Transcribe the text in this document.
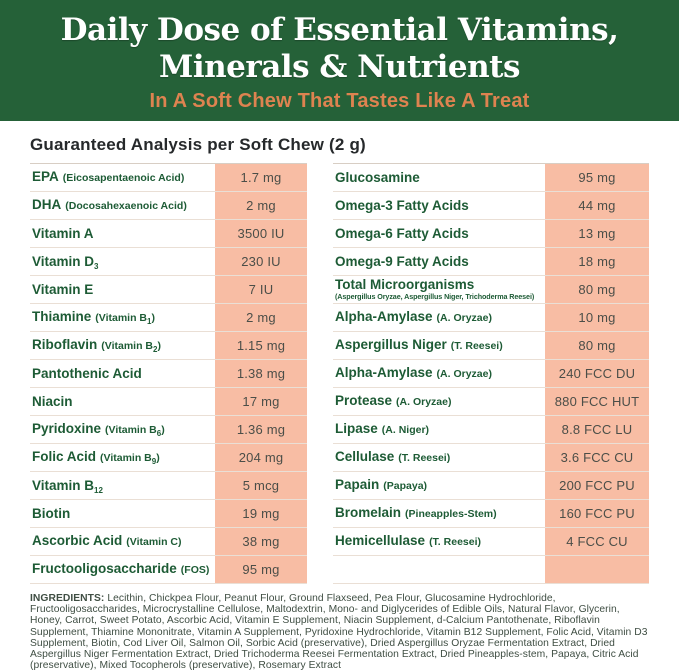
Daily Dose of Essential Vitamins,
Minerals & Nutrients
In A Soft Chew That Tastes Like A Treat
Guaranteed Analysis per Soft Chew (2 g)
EPA (Eicosapentaenoic Acid)	1.7 mg
DHA (Docosahexaenoic Acid)	2 mg
Vitamin A	3500 IU
Vitamin $D_3$	230 IU
Vitamin E	7 IU
Thiamine (Vitamin $B_1$)	2 mg
Riboflavin (Vitamin $B_2$)	1.15 mg
Pantothenic Acid	1.38 mg
Niacin	17 mg
Pyridoxine (Vitamin $B_6$)	1.36 mg
Folic Acid (Vitamin $B_9$)	204 mg
Vitamin $B_{12}$	5 mcg
Biotin	19 mg
Ascorbic Acid (Vitamin C)	38 mg
Fructooligosaccharide (FOS)	95 mg
Glucosamine	95 mg
Omega-3 Fatty Acids	44 mg
Omega-6 Fatty Acids	13 mg
Omega-9 Fatty Acids	18 mg
Total Microorganisms
(Aspergillus Oryzae, Aspergillus Niger, Trichoderma Reesei)	80 mg
Alpha-Amylase (A. Oryzae)	10 mg
Aspergillus Niger (T. Reesei)	80 mg
Alpha-Amylase (A. Oryzae)	240 FCC DU
Protease (A. Oryzae)	880 FCC HUT
Lipase (A. Niger)	8.8 FCC LU
Cellulase (T. Reesei)	3.6 FCC CU
Papain (Papaya)	200 FCC PU
Bromelain (Pineapples-Stem)	160 FCC PU
Hemicellulase (T. Reesei)	4 FCC CU
INGREDIENTS: Lecithin, Chickpea Flour, Peanut Flour, Ground Flaxseed, Pea Flour, Glucosamine Hydrochloride, Fructooligosaccharides, Microcrystalline Cellulose, Maltodextrin, Mono- and Diglycerides of Edible Oils, Natural Flavor, Glycerin, Honey, Carrot, Sweet Potato, Ascorbic Acid, Vitamin E Supplement, Niacin Supplement, d-Calcium Pantothenate, Riboflavin Supplement, Thiamine Mononitrate, Vitamin A Supplement, Pyridoxine Hydrochloride, Vitamin B12 Supplement, Folic Acid, Vitamin D3 Supplement, Biotin, Cod Liver Oil, Salmon Oil, Sorbic Acid (preservative), Dried Aspergillus Oryzae Fermentation Extract, Dried Aspergillus Niger Fermentation Extract, Dried Trichoderma Reesei Fermentation Extract, Dried Pineapples-stem, Papaya, Citric Acid (preservative), Mixed Tocopherols (preservative), Rosemary Extract
